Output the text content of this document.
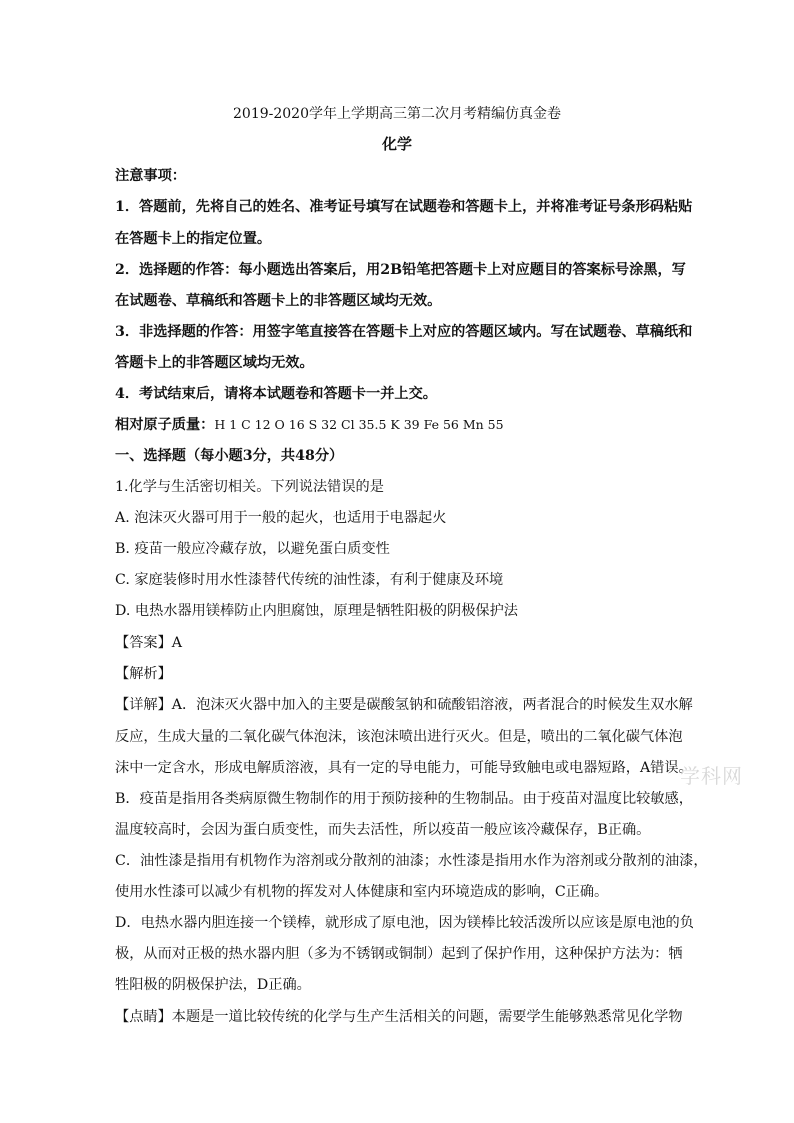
2019-2020学年上学期高三第二次月考精编仿真金卷
化学
注意事项：
1．答题前，先将自己的姓名、准考证号填写在试题卷和答题卡上，并将准考证号条形码粘贴
在答题卡上的指定位置。
2．选择题的作答：每小题选出答案后，用2B铅笔把答题卡上对应题目的答案标号涂黑，写
在试题卷、草稿纸和答题卡上的非答题区域均无效。
3．非选择题的作答：用签字笔直接答在答题卡上对应的答题区域内。写在试题卷、草稿纸和
答题卡上的非答题区域均无效。
4．考试结束后，请将本试题卷和答题卡一并上交。
相对原子质量：H 1 C 12 O 16 S 32 Cl 35.5 K 39 Fe 56 Mn 55
一、选择题（每小题3分，共48分）
1.化学与生活密切相关。下列说法错误的是
A. 泡沫灭火器可用于一般的起火，也适用于电器起火
B. 疫苗一般应冷藏存放，以避免蛋白质变性
C. 家庭装修时用水性漆替代传统的油性漆，有利于健康及环境
D. 电热水器用镁棒防止内胆腐蚀，原理是牺牲阳极的阴极保护法
【答案】A
【解析】
【详解】A．泡沫灭火器中加入的主要是碳酸氢钠和硫酸铝溶液，两者混合的时候发生双水解
反应，生成大量的二氧化碳气体泡沫，该泡沫喷出进行灭火。但是，喷出的二氧化碳气体泡
沫中一定含水，形成电解质溶液，具有一定的导电能力，可能导致触电或电器短路，A错误。
B．疫苗是指用各类病原微生物制作的用于预防接种的生物制品。由于疫苗对温度比较敏感，
温度较高时，会因为蛋白质变性，而失去活性，所以疫苗一般应该冷藏保存，B正确。
C．油性漆是指用有机物作为溶剂或分散剂的油漆；水性漆是指用水作为溶剂或分散剂的油漆，
使用水性漆可以减少有机物的挥发对人体健康和室内环境造成的影响，C正确。
D．电热水器内胆连接一个镁棒，就形成了原电池，因为镁棒比较活泼所以应该是原电池的负
极，从而对正极的热水器内胆（多为不锈钢或铜制）起到了保护作用，这种保护方法为：牺
牲阳极的阴极保护法，D正确。
【点睛】本题是一道比较传统的化学与生产生活相关的问题，需要学生能够熟悉常见化学物
学科网
